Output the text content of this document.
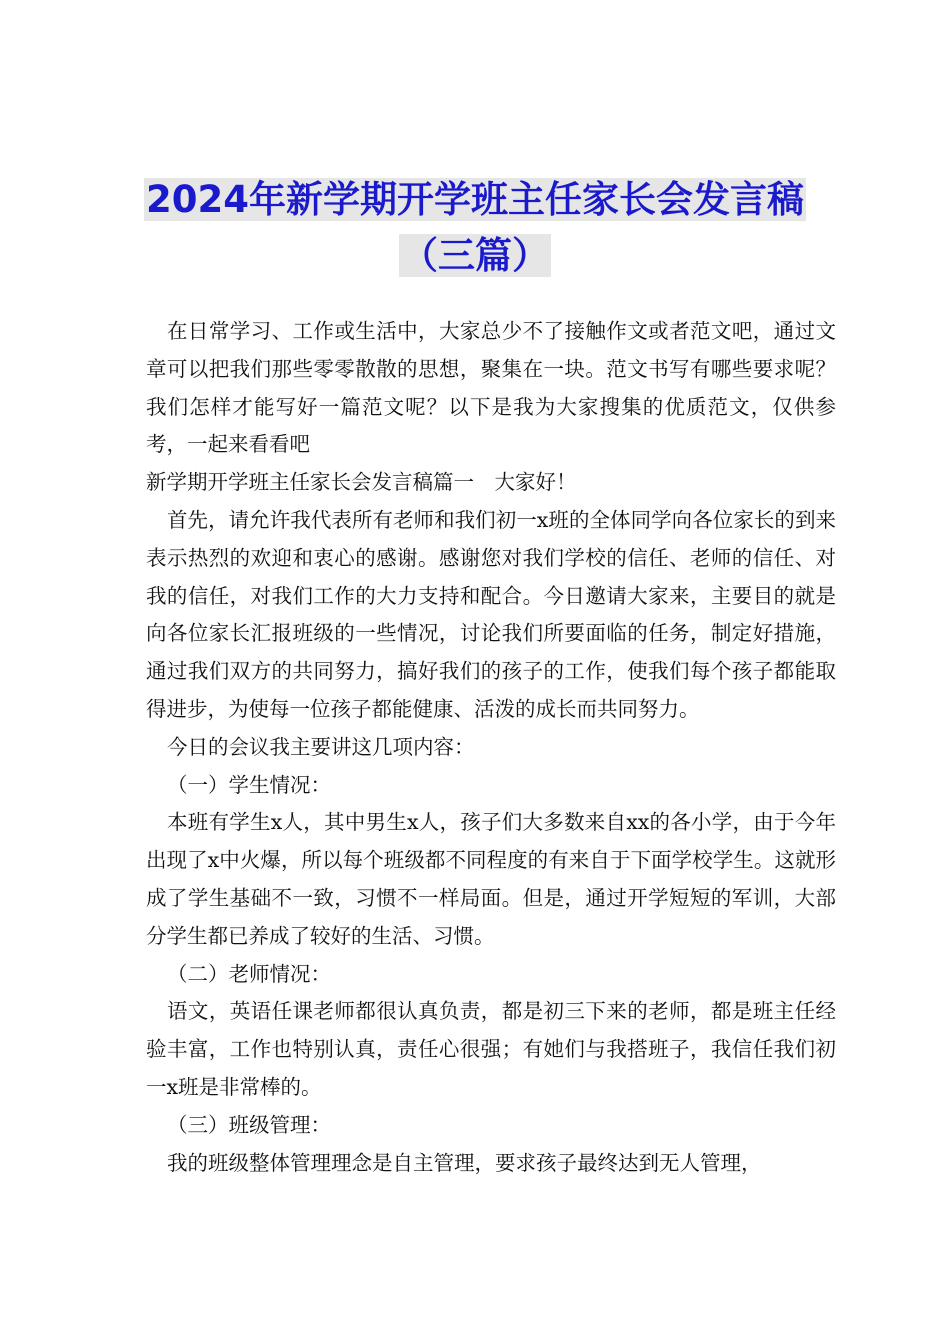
2024年新学期开学班主任家长会发言稿
（三篇）

在日常学习、工作或生活中，大家总少不了接触作文或者范文吧，通过文章可以把我们那些零零散散的思想，聚集在一块。范文书写有哪些要求呢？我们怎样才能写好一篇范文呢？以下是我为大家搜集的优质范文，仅供参考，一起来看看吧

新学期开学班主任家长会发言稿篇一　大家好！

首先，请允许我代表所有老师和我们初一x班的全体同学向各位家长的到来表示热烈的欢迎和衷心的感谢。感谢您对我们学校的信任、老师的信任、对我的信任，对我们工作的大力支持和配合。今日邀请大家来，主要目的就是向各位家长汇报班级的一些情况，讨论我们所要面临的任务，制定好措施，通过我们双方的共同努力，搞好我们的孩子的工作，使我们每个孩子都能取得进步，为使每一位孩子都能健康、活泼的成长而共同努力。

今日的会议我主要讲这几项内容：

（一）学生情况：

本班有学生x人，其中男生x人，孩子们大多数来自xx的各小学，由于今年出现了x中火爆，所以每个班级都不同程度的有来自于下面学校学生。这就形成了学生基础不一致，习惯不一样局面。但是，通过开学短短的军训，大部分学生都已养成了较好的生活、习惯。

（二）老师情况：

语文，英语任课老师都很认真负责，都是初三下来的老师，都是班主任经验丰富，工作也特别认真，责任心很强；有她们与我搭班子，我信任我们初一x班是非常棒的。

（三）班级管理：

我的班级整体管理理念是自主管理，要求孩子最终达到无人管理，
